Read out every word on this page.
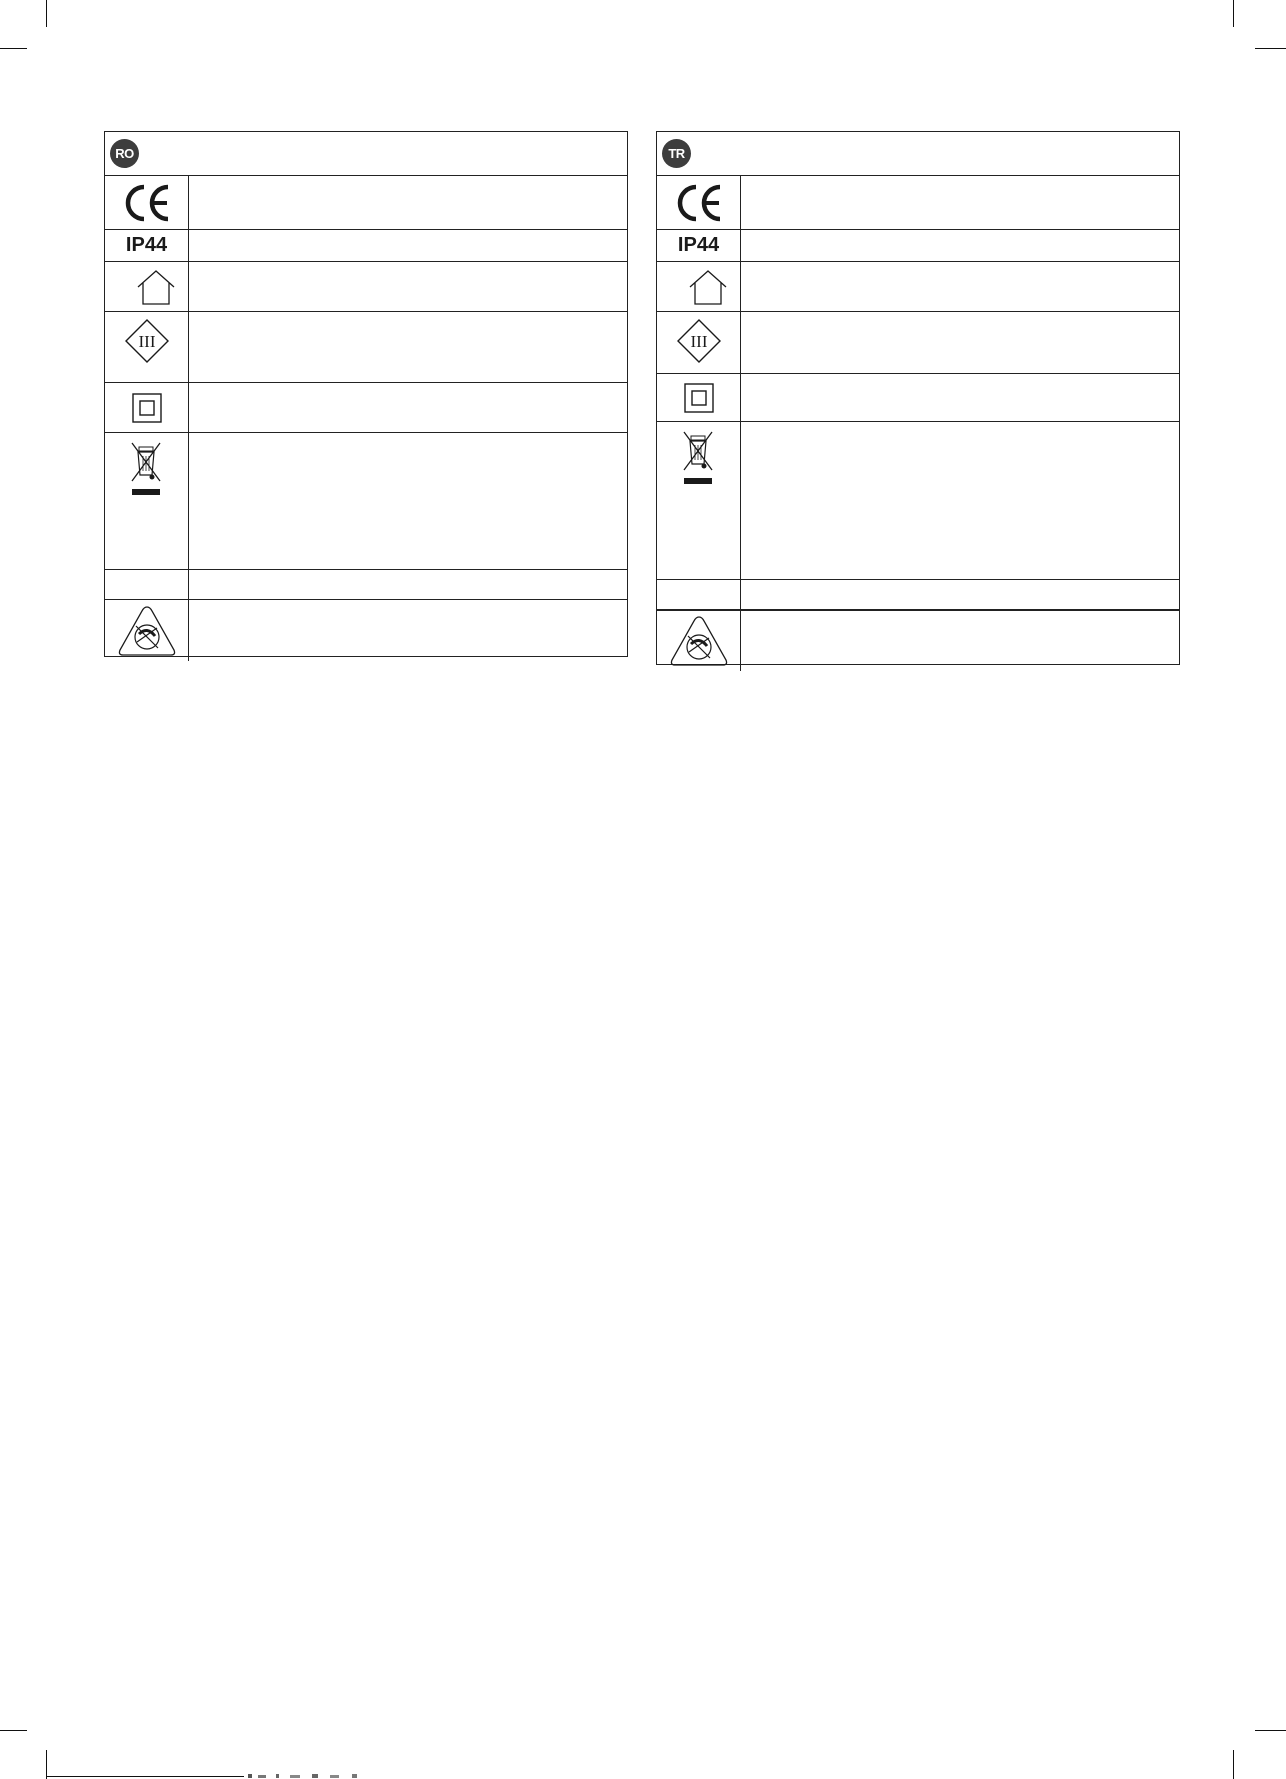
RO
IP44
III
TR
IP44
III
